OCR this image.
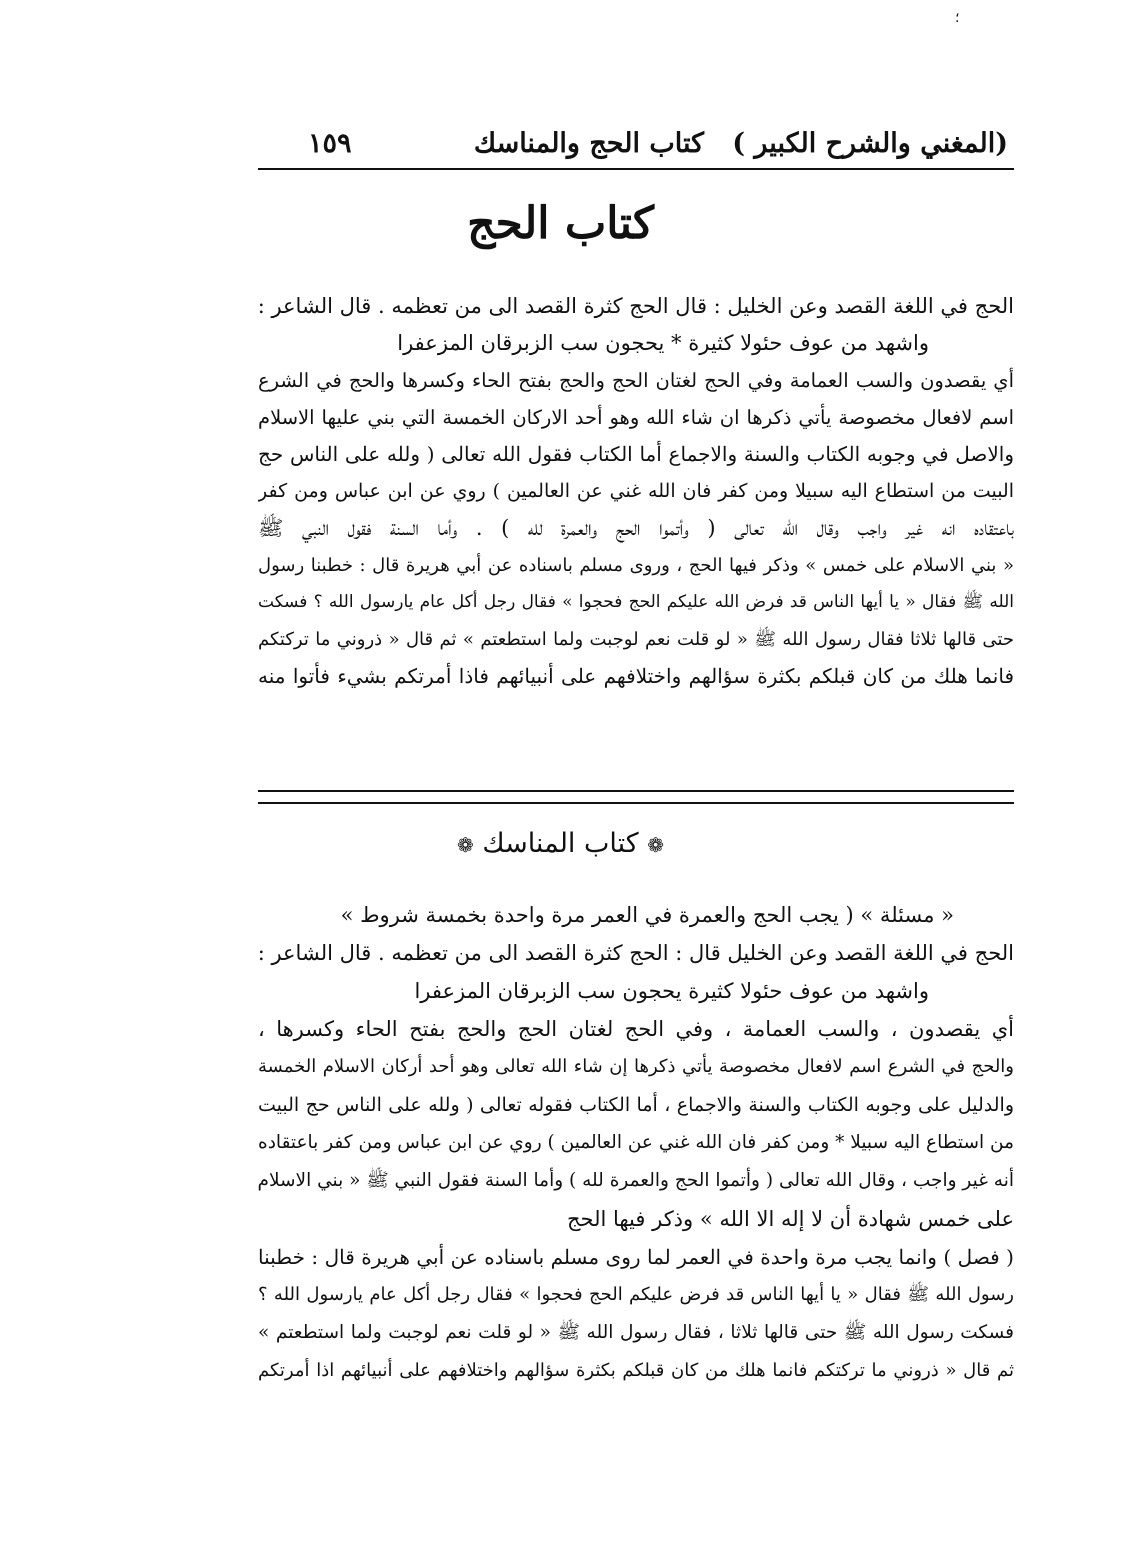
؛
(المغني والشرح الكبير )
كتاب الحج والمناسك
١٥٩
كتاب الحج
الحج في اللغة القصد وعن الخليل : قال الحج كثرة القصد الى من تعظمه . قال الشاعر :
واشهد من عوف حئولا كثيرة * يحجون سب الزبرقان المزعفرا
أي يقصدون والسب العمامة وفي الحج لغتان الحج والحج بفتح الحاء وكسرها والحج في الشرع
اسم لافعال مخصوصة يأتي ذكرها ان شاء الله وهو أحد الاركان الخمسة التي بني عليها الاسلام
والاصل في وجوبه الكتاب والسنة والاجماع أما الكتاب فقول الله تعالى ( ولله على الناس حج
البيت من استطاع اليه سبيلا ومن كفر فان الله غني عن العالمين ) روي عن ابن عباس ومن كفر
باعتقاده انه غير واجب وقال الله تعالى ( وأتموا الحج والعمرة لله ) . وأما السنة فقول النبي ﷺ
« بني الاسلام على خمس » وذكر فيها الحج ، وروى مسلم باسناده عن أبي هريرة قال : خطبنا رسول
الله ﷺ فقال « يا أيها الناس قد فرض الله عليكم الحج فحجوا » فقال رجل أكل عام يارسول الله ؟ فسكت
حتى قالها ثلاثا فقال رسول الله ﷺ « لو قلت نعم لوجبت ولما استطعتم » ثم قال « ذروني ما تركتكم
فانما هلك من كان قبلكم بكثرة سؤالهم واختلافهم على أنبيائهم فاذا أمرتكم بشيء فأتوا منه
❁ كتاب المناسك ❁
« مسئلة » ( يجب الحج والعمرة في العمر مرة واحدة بخمسة شروط »
الحج في اللغة القصد وعن الخليل قال : الحج كثرة القصد الى من تعظمه . قال الشاعر :
واشهد من عوف حئولا كثيرة يحجون سب الزبرقان المزعفرا
أي يقصدون ، والسب العمامة ، وفي الحج لغتان الحج والحج بفتح الحاء وكسرها ،
والحج في الشرع اسم لافعال مخصوصة يأتي ذكرها إن شاء الله تعالى وهو أحد أركان الاسلام الخمسة
والدليل على وجوبه الكتاب والسنة والاجماع ، أما الكتاب فقوله تعالى ( ولله على الناس حج البيت
من استطاع اليه سبيلا * ومن كفر فان الله غني عن العالمين ) روي عن ابن عباس ومن كفر باعتقاده
أنه غير واجب ، وقال الله تعالى ( وأتموا الحج والعمرة لله ) وأما السنة فقول النبي ﷺ « بني الاسلام
على خمس شهادة أن لا إله الا الله » وذكر فيها الحج
( فصل ) وانما يجب مرة واحدة في العمر لما روى مسلم باسناده عن أبي هريرة قال : خطبنا
رسول الله ﷺ فقال « يا أيها الناس قد فرض عليكم الحج فحجوا » فقال رجل أكل عام يارسول الله ؟
فسكت رسول الله ﷺ حتى قالها ثلاثا ، فقال رسول الله ﷺ « لو قلت نعم لوجبت ولما استطعتم »
ثم قال « ذروني ما تركتكم فانما هلك من كان قبلكم بكثرة سؤالهم واختلافهم على أنبيائهم اذا أمرتكم
